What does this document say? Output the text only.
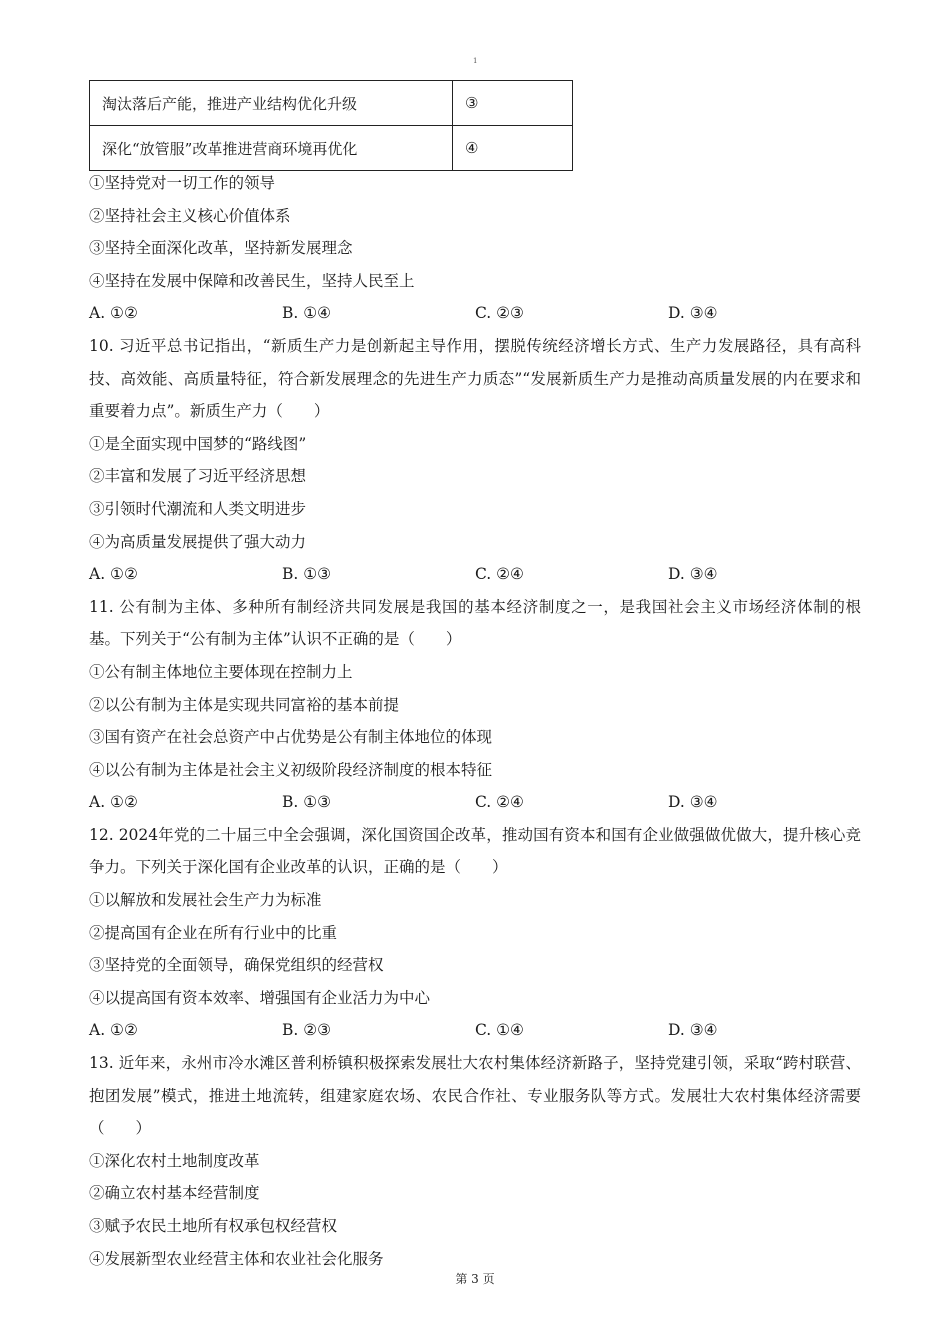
1
淘汰落后产能，推进产业结构优化升级	③
深化“放管服”改革推进营商环境再优化	④
①坚持党对一切工作的领导
②坚持社会主义核心价值体系
③坚持全面深化改革，坚持新发展理念
④坚持在发展中保障和改善民生，坚持人民至上
A. ①②	B. ①④	C. ②③	D. ③④
10. 习近平总书记指出，“新质生产力是创新起主导作用，摆脱传统经济增长方式、生产力发展路径，具有高科技、高效能、高质量特征，符合新发展理念的先进生产力质态”“发展新质生产力是推动高质量发展的内在要求和重要着力点”。新质生产力（　　）
①是全面实现中国梦的“路线图”
②丰富和发展了习近平经济思想
③引领时代潮流和人类文明进步
④为高质量发展提供了强大动力
A. ①②	B. ①③	C. ②④	D. ③④
11. 公有制为主体、多种所有制经济共同发展是我国的基本经济制度之一，是我国社会主义市场经济体制的根基。下列关于“公有制为主体”认识不正确的是（　　）
①公有制主体地位主要体现在控制力上
②以公有制为主体是实现共同富裕的基本前提
③国有资产在社会总资产中占优势是公有制主体地位的体现
④以公有制为主体是社会主义初级阶段经济制度的根本特征
A. ①②	B. ①③	C. ②④	D. ③④
12. 2024年党的二十届三中全会强调，深化国资国企改革，推动国有资本和国有企业做强做优做大，提升核心竞争力。下列关于深化国有企业改革的认识，正确的是（　　）
①以解放和发展社会生产力为标准
②提高国有企业在所有行业中的比重
③坚持党的全面领导，确保党组织的经营权
④以提高国有资本效率、增强国有企业活力为中心
A. ①②	B. ②③	C. ①④	D. ③④
13. 近年来，永州市冷水滩区普利桥镇积极探索发展壮大农村集体经济新路子，坚持党建引领，采取“跨村联营、抱团发展”模式，推进土地流转，组建家庭农场、农民合作社、专业服务队等方式。发展壮大农村集体经济需要（　　）
①深化农村土地制度改革
②确立农村基本经营制度
③赋予农民土地所有权承包权经营权
④发展新型农业经营主体和农业社会化服务
第 3 页
